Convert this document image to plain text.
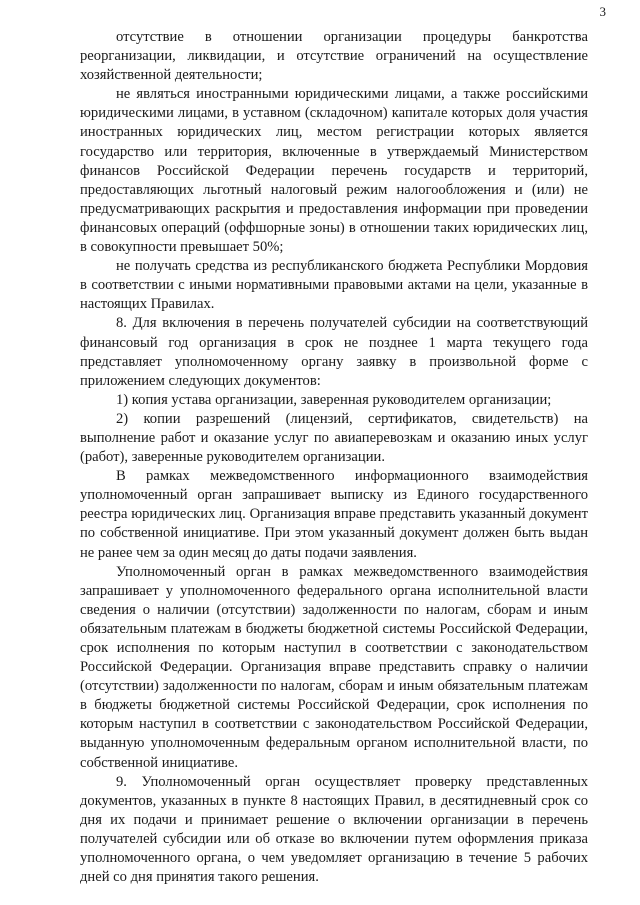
3

отсутствие в отношении организации процедуры банкротства реорганизации, ликвидации, и отсутствие ограничений на осуществление хозяйственной деятельности;

не являться иностранными юридическими лицами, а также российскими юридическими лицами, в уставном (складочном) капитале которых доля участия иностранных юридических лиц, местом регистрации которых является государство или территория, включенные в утверждаемый Министерством финансов Российской Федерации перечень государств и территорий, предоставляющих льготный налоговый режим налогообложения и (или) не предусматривающих раскрытия и предоставления информации при проведении финансовых операций (оффшорные зоны) в отношении таких юридических лиц, в совокупности превышает 50%;

не получать средства из республиканского бюджета Республики Мордовия в соответствии с иными нормативными правовыми актами на цели, указанные в настоящих Правилах.

8. Для включения в перечень получателей субсидии на соответствующий финансовый год организация в срок не позднее 1 марта текущего года представляет уполномоченному органу заявку в произвольной форме с приложением следующих документов:

1) копия устава организации, заверенная руководителем организации;

2) копии разрешений (лицензий, сертификатов, свидетельств) на выполнение работ и оказание услуг по авиаперевозкам и оказанию иных услуг (работ), заверенные руководителем организации.

В рамках межведомственного информационного взаимодействия уполномоченный орган запрашивает выписку из Единого государственного реестра юридических лиц. Организация вправе представить указанный документ по собственной инициативе. При этом указанный документ должен быть выдан не ранее чем за один месяц до даты подачи заявления.

Уполномоченный орган в рамках межведомственного взаимодействия запрашивает у уполномоченного федерального органа исполнительной власти сведения о наличии (отсутствии) задолженности по налогам, сборам и иным обязательным платежам в бюджеты бюджетной системы Российской Федерации, срок исполнения по которым наступил в соответствии с законодательством Российской Федерации. Организация вправе представить справку о наличии (отсутствии) задолженности по налогам, сборам и иным обязательным платежам в бюджеты бюджетной системы Российской Федерации, срок исполнения по которым наступил в соответствии с законодательством Российской Федерации, выданную уполномоченным федеральным органом исполнительной власти, по собственной инициативе.

9. Уполномоченный орган осуществляет проверку представленных документов, указанных в пункте 8 настоящих Правил, в десятидневный срок со дня их подачи и принимает решение о включении организации в перечень получателей субсидии или об отказе во включении путем оформления приказа уполномоченного органа, о чем уведомляет организацию в течение 5 рабочих дней со дня принятия такого решения.
